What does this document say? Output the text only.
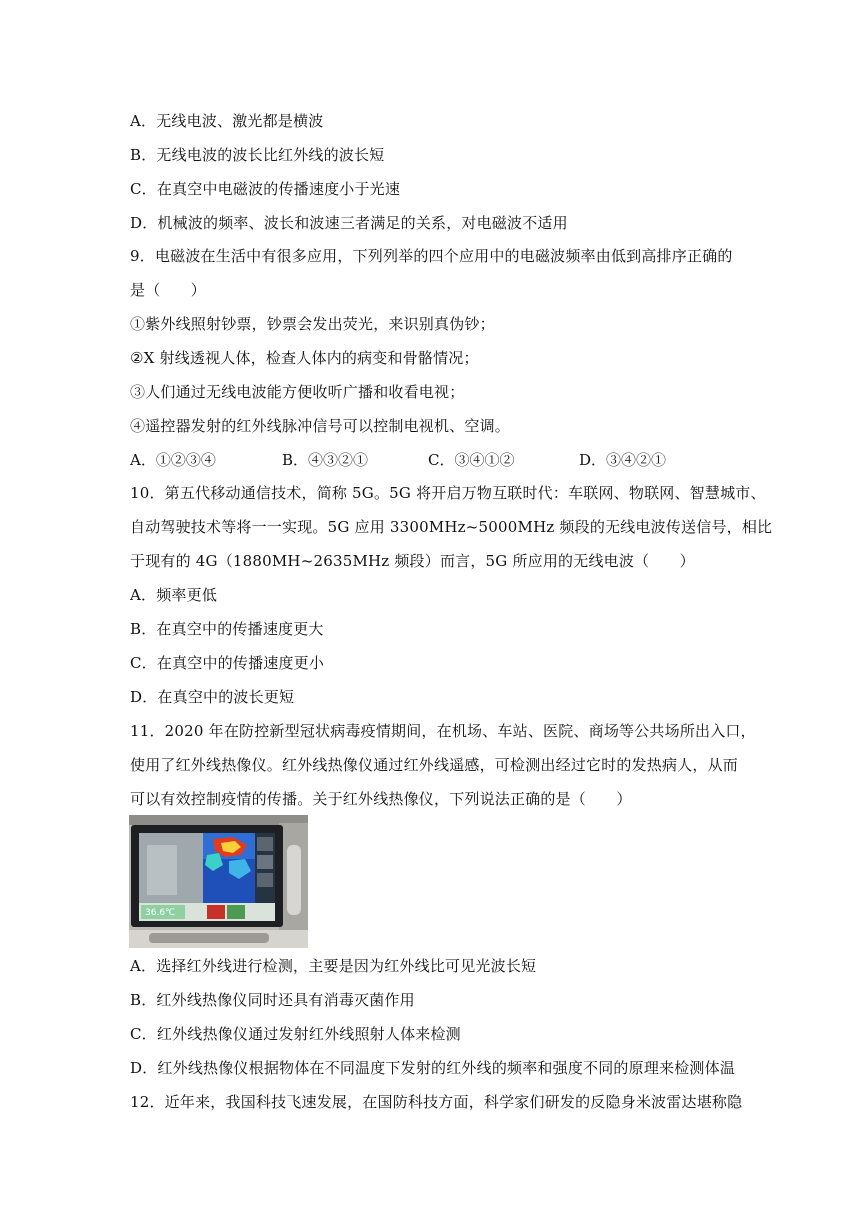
A．无线电波、激光都是横波
B．无线电波的波长比红外线的波长短
C．在真空中电磁波的传播速度小于光速
D．机械波的频率、波长和波速三者满足的关系，对电磁波不适用
9．电磁波在生活中有很多应用，下列列举的四个应用中的电磁波频率由低到高排序正确的
是（　　）
①紫外线照射钞票，钞票会发出荧光，来识别真伪钞；
②X 射线透视人体，检查人体内的病变和骨骼情况；
③人们通过无线电波能方便收听广播和收看电视；
④遥控器发射的红外线脉冲信号可以控制电视机、空调。
A．①②③④	B．④③②①	C．③④①②	D．③④②①
10．第五代移动通信技术，简称 5G。5G 将开启万物互联时代：车联网、物联网、智慧城市、
自动驾驶技术等将一一实现。5G 应用 3300MHz~5000MHz 频段的无线电波传送信号，相比
于现有的 4G（1880MH~2635MHz 频段）而言，5G 所应用的无线电波（　　）
A．频率更低
B．在真空中的传播速度更大
C．在真空中的传播速度更小
D．在真空中的波长更短
11．2020 年在防控新型冠状病毒疫情期间，在机场、车站、医院、商场等公共场所出入口，
使用了红外线热像仪。红外线热像仪通过红外线遥感，可检测出经过它时的发热病人，从而
可以有效控制疫情的传播。关于红外线热像仪，下列说法正确的是（　　）
36.6℃
A．选择红外线进行检测，主要是因为红外线比可见光波长短
B．红外线热像仪同时还具有消毒灭菌作用
C．红外线热像仪通过发射红外线照射人体来检测
D．红外线热像仪根据物体在不同温度下发射的红外线的频率和强度不同的原理来检测体温
12．近年来，我国科技飞速发展，在国防科技方面，科学家们研发的反隐身米波雷达堪称隐
